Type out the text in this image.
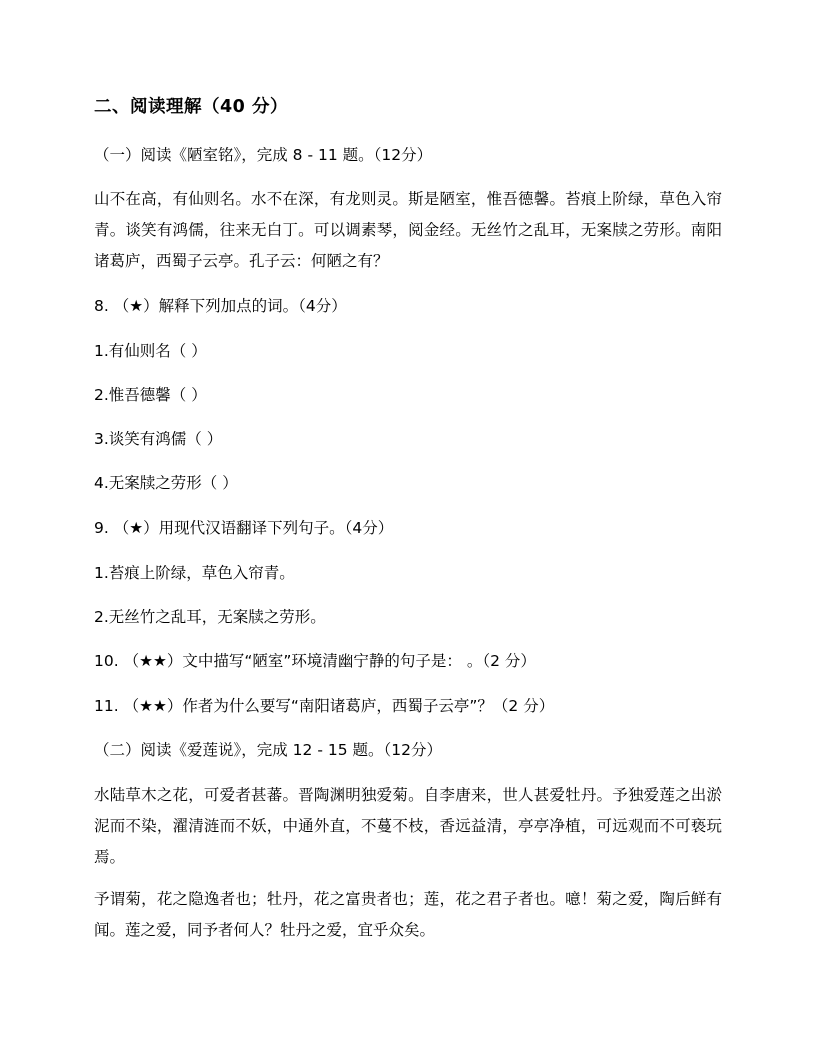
二、阅读理解（40 分）

（一）阅读《陋室铭》，完成 8 - 11 题。（12分）

山不在高，有仙则名。水不在深，有龙则灵。斯是陋室，惟吾德馨。苔痕上阶绿，草色入帘青。谈笑有鸿儒，往来无白丁。可以调素琴，阅金经。无丝竹之乱耳，无案牍之劳形。南阳诸葛庐，西蜀子云亭。孔子云：何陋之有？

8. （★）解释下列加点的词。（4分）

1.有仙则名（ ）

2.惟吾德馨（ ）

3.谈笑有鸿儒（ ）

4.无案牍之劳形（ ）

9. （★）用现代汉语翻译下列句子。（4分）

1.苔痕上阶绿，草色入帘青。

2.无丝竹之乱耳，无案牍之劳形。

10. （★★）文中描写“陋室”环境清幽宁静的句子是： 。（2 分）

11. （★★）作者为什么要写“南阳诸葛庐，西蜀子云亭”？（2 分）

（二）阅读《爱莲说》，完成 12 - 15 题。（12分）

水陆草木之花，可爱者甚蕃。晋陶渊明独爱菊。自李唐来，世人甚爱牡丹。予独爱莲之出淤泥而不染，濯清涟而不妖，中通外直，不蔓不枝，香远益清，亭亭净植，可远观而不可亵玩焉。

予谓菊，花之隐逸者也；牡丹，花之富贵者也；莲，花之君子者也。噫！菊之爱，陶后鲜有闻。莲之爱，同予者何人？牡丹之爱，宜乎众矣。
